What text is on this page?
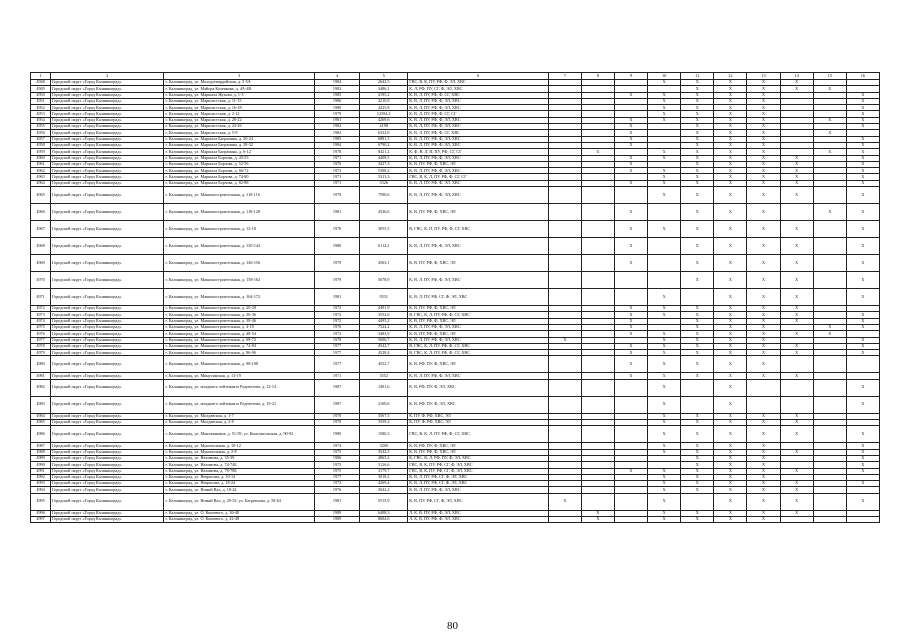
1	2	3	4	5	6	7	8	9	10	11	12	13	14	15	16
4948	Городской округ «Город Калининград»	г. Калининград, ул. Молодогвардейская, д. 5-5А	1984	2642,5	ГВС, В, К, ПУ, РФ, Ф, ЭЛ, ХВС				X	X	X	X	X		
4949	Городской округ «Город Калининград»	г. Калининград, ул. Майора Козенкова, д. 4А-4В	1982	3486,1	К, Л, РФ, ПУ, СГ, Ф, ЭЛ, ХВС					X	X	X	X	X	
4950	Городской округ «Город Калининград»	г. Калининград, ул. Маршала Жукова, д. 1-3	1985	4195,2	К, В, Л, ПУ, РФ, Ф, СГ, ХВС			X	X	X	X	X			X
4951	Городской округ «Город Калининград»	г. Калининград, ул. Марксистская, д. 11-15	1986	4210,9	К, В, Л, ПУ, РФ, Ф, ЭЛ, ХВС				X	X	X	X			X
4952	Городской округ «Город Калининград»	г. Калининград, ул. Марксистская, д. 16-18	1980	4225,8	К, В, Л, ПУ, РФ, Ф, ЭЛ, ХВС				X	X	X	X			X
4953	Городской округ «Город Калининград»	г. Калининград, ул. Марксистская, д. 2-12	1979	12584,2	К, В, Л, ПУ, РФ, Ф, СГ, СГ				X	X	X	X			X
4954	Городской округ «Город Калининград»	г. Калининград, ул. Марксистская, д. 20-22	1981	4209,6	К, В, Л, ПУ, РФ, Ф, ЭЛ, ХВС			X	X	X	X	X		X	X
4955	Городской округ «Город Калининград»	г. Калининград, ул. Марксистская, д. 24-26	1982	4198	К, В, Л, ПУ, РФ, Ф, ЭЛ, ХВС			X		X	X	X			X
4956	Городской округ «Город Калининград»	г. Калининград, ул. Марксистская, д. 5-9	1982	6332,8	К, В, Л, ПУ, РФ, Ф, СГ, ХВС			X		X	X	X		X	
4957	Городской округ «Город Калининград»	г. Калининград, ул. Маршала Баграмяна, д. 20-24	1985	6881,5	К, В, Л, ПУ, РФ, Ф, ЭЛ, ХВС			X		X	X	X			X
4958	Городской округ «Город Калининград»	г. Калининград, ул. Маршала Баграмяна, д. 28-32	1984	6790,2	К, В, Л, ПУ, РФ, Ф, ЭЛ, ХВС			X		X	X	X			X
4959	Городской округ «Город Калининград»	г. Калининград, ул. Маршала Баграмяна, д. 6-12	1978	8421,2	К, Ф, В, Л, П, ПУ, РФ, СГ, СГ		X		X	X	X	X		X	X
4960	Городской округ «Город Калининград»	г. Калининград, ул. Маршала Борзова, д. 43-53	1971	4408,5	К, В, Л, ПУ, РФ, Ф, ЭЛ, ХВС			X	X	X	X	X	X		X
4961	Городской округ «Город Калининград»	г. Калининград, ул. Маршала Борзова, д. 52-56	1970	3427,3	К, В, ПУ, РФ, Ф, ХВС, ЭЛ			X		X	X	X	X		X
4962	Городской округ «Город Калининград»	г. Калининград, ул. Маршала Борзова, д. 66-72	1973	5308,2	К, В, Л, ПУ, РФ, Ф, ЭЛ, ХВС			X	X	X	X	X	X		X
4963	Городской округ «Город Калининград»	г. Калининград, ул. Маршала Борзова, д. 74-80	1971	5313,3	ГВС, В, К, Л, ПУ, РФ, Ф, СГ, СГ				X	X	X	X	X		X
4964	Городской округ «Город Калининград»	г. Калининград, ул. Маршала Борзова, д. 82-88	1971	3326	К, В, Л, ПУ, РФ, Ф, ЭЛ, ХВС			X	X	X	X	X	X		X
4965	Городской округ «Город Калининград»	г. Калининград, ул. Машиностроительная, д. 110-116	1979	7590,6	К, В, Л, ПУ, РФ, Ф, ЭЛ, ХВС				X	X	X	X	X		X
4966	Городской округ «Город Калининград»	г. Калининград, ул. Машиностроительная, д. 118-128	1981	4536,6	К, В, ПУ, РФ, Ф, ХВС, ЭЛ			X		X	X	X		X	X
4967	Городской округ «Город Калининград»	г. Калининград, ул. Машиностроительная, д. 12-18	1976	3055,5	В, ГВС, К, П, ПУ, РФ, Ф, СГ, ХВС			X	X	X	X	X	X		X
4968	Городской округ «Город Калининград»	г. Калининград, ул. Машиностроительная, д. 130-144	1980	6112,2	К, В, Л, ПУ, РФ, Ф, ЭЛ, ХВС			X		X	X	X	X		X
4969	Городской округ «Город Калининград»	г. Калининград, ул. Машиностроительная, д. 146-156	1979	4563,1	К, В, ПУ, РФ, Ф, ХВС, ЭЛ			X		X	X	X	X		X
4970	Городской округ «Город Калининград»	г. Калининград, ул. Машиностроительная, д. 158-162	1979	5678,9	К, В, Л, ПУ, РФ, Ф, ЭЛ, ХВС					X	X	X	X		X
4971	Городской округ «Город Калининград»	г. Калининград, ул. Машиностроительная, д. 164-172	1981	9531	К, В, Л, ПУ, РФ, СГ, Ф, ЭЛ, ХВС				X		X	X	X		X
4972	Городской округ «Город Калининград»	г. Калининград, ул. Машиностроительная, д. 20-28	1972	4491,9	К, В, ПУ, РФ, Ф, ХВС, ЭЛ			X	X	X	X	X	X		
4973	Городской округ «Город Калининград»	г. Калининград, ул. Машиностроительная, д. 30-36	1972	3552,6	В, ГВС, К, Л, ПУ, РФ, Ф, СГ, ХВС			X	X	X	X	X	X		X
4974	Городской округ «Город Калининград»	г. Калининград, ул. Машиностроительная, д. 38-46	1972	4495,2	К, В, ПУ, РФ, Ф, ХВС, ЭЛ			X		X	X	X	X		X
4975	Городской округ «Город Калининград»	г. Калининград, ул. Машиностроительная, д. 4-10	1976	7524,2	К, В, Л, ПУ, РФ, Ф, ЭЛ, ХВС			X		X	X	X		X	X
4976	Городской округ «Город Калининград»	г. Калининград, ул. Машиностроительная, д. 48-54	1972	3483,9	К, В, ПУ, РФ, Ф, ХВС, ЭЛ			X	X	X	X	X	X	X	
4977	Городской округ «Город Калининград»	г. Калининград, ул. Машиностроительная, д. 68-72	1978	5606,7	К, В, Л, ПУ, РФ, Ф, ЭЛ, ХВС	X			X	X	X	X			X
4978	Городской округ «Город Калининград»	г. Калининград, ул. Машиностроительная, д. 74-84	1977	4542,7	В, ГВС, К, Л, ПУ, РФ, Ф, СГ, ХВС			X	X	X	X	X	X		X
4979	Городской округ «Город Калининград»	г. Калининград, ул. Машиностроительная, д. 86-96	1977	4528,4	В, ГВС, К, Л, ПУ, РФ, Ф, СГ, ХВС			X	X	X	X	X	X		X
4980	Городской округ «Город Калининград»	г. Калининград, ул. Машиностроительная, д. 98-108	1977	4552,7	К, В, РФ, ПУ, Ф, ХВС, ЭЛ			X	X	X	X	X			
4981	Городской округ «Город Калининград»	г. Калининград, ул. Минусинская, д. 13-19	1971	3552	К, В, Л, ПУ, РФ, Ф, ЭЛ, ХВС			X	X	X	X	X	X		
4982	Городской округ «Город Калининград»	г. Калининград, ул. младшего лейтенанта Родителева, д. 12-14	1987	1401,6	К, В, РФ, ПУ, Ф, ЭЛ, ХВС				X		X				X
4983	Городской округ «Город Калининград»	г. Калининград, ул. младшего лейтенанта Родителева, д. 19-21	1987	2100,6	К, В, РФ, ПУ, Ф, ЭЛ, ХВС				X		X				X
4984	Городской округ «Город Калининград»	г. Калининград, ул. Молдавская, д. 1-7	1970	3567,5	К, ПУ, Ф, РФ, ХВС, ЭЛ				X	X	X	X	X		
4985	Городской округ «Город Калининград»	г. Калининград, ул. Молдавская, д. 2-8	1970	3559,2	К, ПУ, Ф, РФ, ХВС, ЭЛ				X	X	X	X	X		
4986	Городской округ «Город Калининград»	г. Калининград, ул. Монтажников, д. 51-59, ул. Комсомольская, д. 90-92	1980	1580,3	ГВС, В, К, Л, ПУ, РФ, Ф, СГ, ХВС				X	X	X	X	X		X
4987	Городской округ «Город Калининград»	г. Калининград, ул. Мукомольная, д. 10-12	1974	3290	К, В, РФ, ПУ, Ф, ХВС, ЭЛ				X	X	X	X			X
4988	Городской округ «Город Калининград»	г. Калининград, ул. Мукомольная, д. 2-8	1975	3542,3	К, В, ПУ, РФ, Ф, ХВС, ЭЛ				X	X	X	X	X		X
4989	Городской округ «Город Калининград»	г. Калининград, ул. Нахимова, д. 35-39	1986	4865,2	К, ГВС, В, Л, РФ, ПУ, Ф, ЭЛ, ХВС					X	X	X			X
4990	Городской округ «Город Калининград»	г. Калининград, ул. Нахимова, д. 74-74Б	1975	3126,6	ГВС, В, К, ПУ, РФ, СГ, Ф, ЭЛ, ХВС					X	X	X			X
4991	Городской округ «Город Калининград»	г. Калининград, ул. Нахимова, д. 78-78Б	1975	3179,7	ГВС, В, К, ПУ, РФ, СГ, Ф, ЭЛ, ХВС			X	X	X	X	X	X		X
4992	Городской округ «Город Калининград»	г. Калининград, ул. Некрасова, д. 10-14	1977	3018,2	К, В, Л, ПУ, РФ, СГ, Ф, ЭЛ, ХВС				X	X	X	X			
4993	Городской округ «Город Калининград»	г. Калининград, ул. Некрасова, д. 18-24	1973	4269,4	К, В, Л, ПУ, РФ, СГ, Ф, ЭЛ, ХВС				X	X	X	X	X		X
4994	Городской округ «Город Калининград»	г. Калининград, ул. Новый Вал, д. 18-24	1976	3042,2	К, В, Л, ПУ, РФ, Ф, ЭЛ, ХВС				X	X	X	X	X		
4995	Городской округ «Город Калининград»	г. Калининград, ул. Новый Вал, д. 29-33, ул. Багратиона, д. 58-64	1981	5515,9	К, В, ПУ, РФ, СГ, Ф, ЭЛ, ХВС	X			X		X	X	X		X
4996	Городской округ «Город Калининград»	г. Калининград, ул. О. Кошевого, д. 36-40	1989	6408,3	Л, К, В, ПУ, РФ, Ф, ЭЛ, ХВС		X		X	X	X	X	X		
4997	Городской округ «Город Калининград»	г. Калининград, ул. О. Кошевого, д. 42-48	1989	8604,6	Л, К, В, ПУ, РФ, Ф, ЭЛ, ХВС		X		X	X	X	X			
80
